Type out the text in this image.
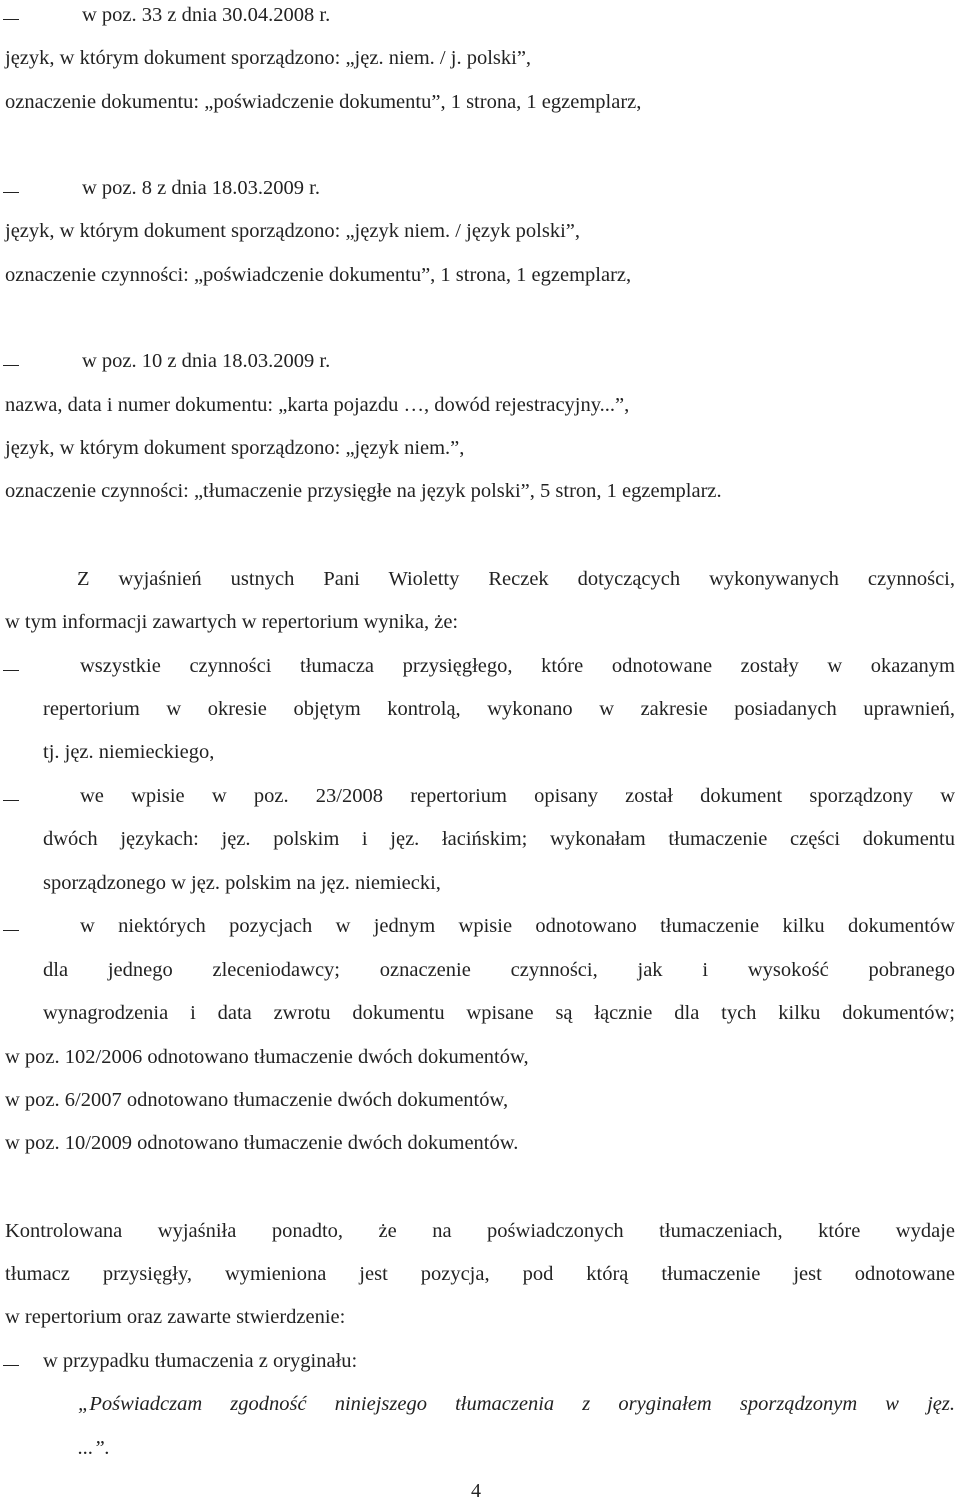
w poz. 33 z dnia 30.04.2008 r.
język, w którym dokument sporządzono: „jęz. niem. / j. polski”,
oznaczenie dokumentu: „poświadczenie dokumentu”, 1 strona, 1 egzemplarz,
w poz. 8 z dnia 18.03.2009 r.
język, w którym dokument sporządzono: „język niem. / język polski”,
oznaczenie czynności: „poświadczenie dokumentu”, 1 strona, 1 egzemplarz,
w poz. 10 z dnia 18.03.2009 r.
nazwa, data i numer dokumentu: „karta pojazdu …, dowód rejestracyjny...”,
język, w którym dokument sporządzono: „język niem.”,
oznaczenie czynności: „tłumaczenie przysięgłe na język polski”, 5 stron, 1 egzemplarz.
Z wyjaśnień ustnych Pani Wioletty Reczek dotyczących wykonywanych czynności,
w tym informacji zawartych w repertorium wynika, że:
wszystkie czynności tłumacza przysięgłego, które odnotowane zostały w okazanym
repertorium w okresie objętym kontrolą, wykonano w zakresie posiadanych uprawnień,
tj. jęz. niemieckiego,
we wpisie w poz. 23/2008 repertorium opisany został dokument sporządzony w
dwóch językach: jęz. polskim i jęz. łacińskim; wykonałam tłumaczenie części dokumentu
sporządzonego w jęz. polskim na jęz. niemiecki,
w niektórych pozycjach w jednym wpisie odnotowano tłumaczenie kilku dokumentów
dla jednego zleceniodawcy; oznaczenie czynności, jak i wysokość pobranego
wynagrodzenia i data zwrotu dokumentu wpisane są łącznie dla tych kilku dokumentów;
w poz. 102/2006 odnotowano tłumaczenie dwóch dokumentów,
w poz. 6/2007 odnotowano tłumaczenie dwóch dokumentów,
w poz. 10/2009 odnotowano tłumaczenie dwóch dokumentów.
Kontrolowana wyjaśniła ponadto, że na poświadczonych tłumaczeniach, które wydaje
tłumacz przysięgły, wymieniona jest pozycja, pod którą tłumaczenie jest odnotowane
w repertorium oraz zawarte stwierdzenie:
w przypadku tłumaczenia z oryginału:
„Poświadczam zgodność niniejszego tłumaczenia z oryginałem sporządzonym w jęz.
...”.
4
